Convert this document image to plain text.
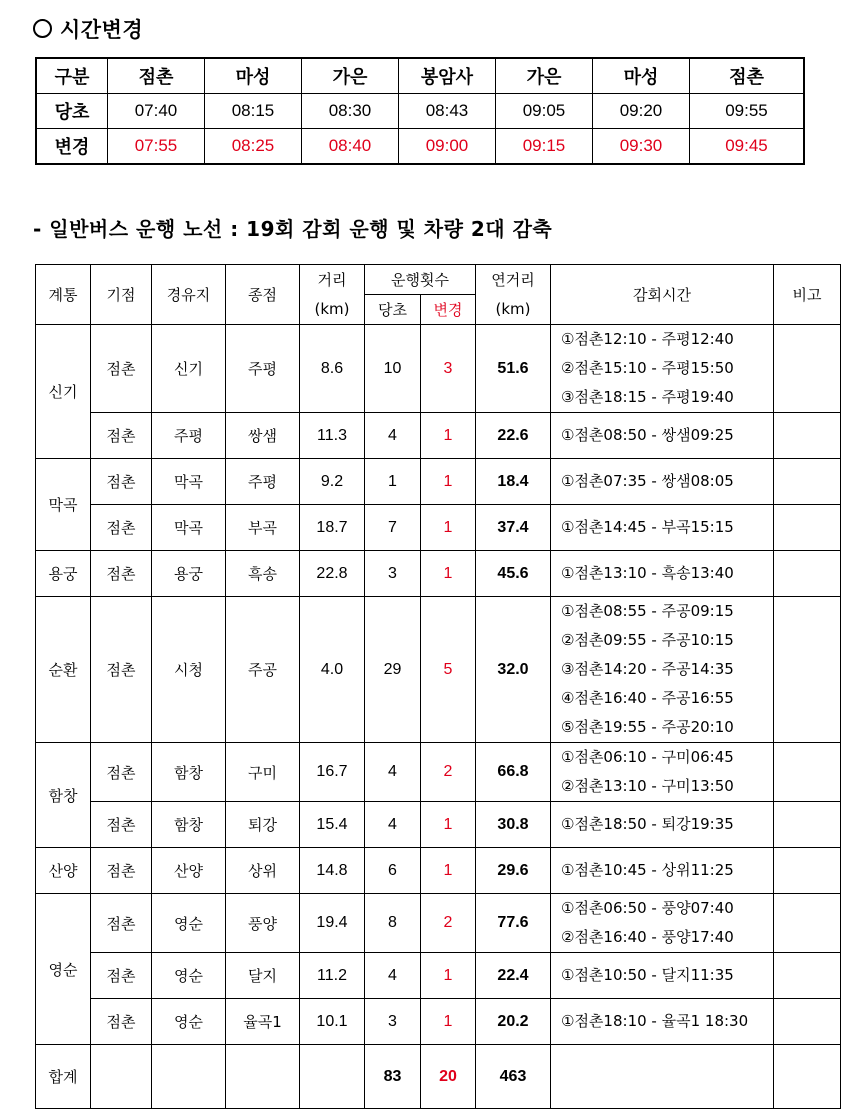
시간변경
구분	점촌	마성	가은	봉암사	가은	마성	점촌
당초	07:40	08:15	08:30	08:43	09:05	09:20	09:55
변경	07:55	08:25	08:40	09:00	09:15	09:30	09:45
- 일반버스 운행 노선 : 19회 감회 운행 및 차량 2대 감축
계통	기점	경유지	종점	거리	운행횟수		연거리	감회시간	비고
				(km)	당초	변경	(km)		
신기	점촌	신기	주평	8.6	10	3	51.6	①점촌12:10 - 주평12:40
②점촌15:10 - 주평15:50
③점촌18:15 - 주평19:40	

	점촌	주평	쌍샘	11.3	4	1	22.6	①점촌08:50 - 쌍샘09:25	

막곡	점촌	막곡	주평	9.2	1	1	18.4	①점촌07:35 - 쌍샘08:05	

	점촌	막곡	부곡	18.7	7	1	37.4	①점촌14:45 - 부곡15:15	

용궁	점촌	용궁	흑송	22.8	3	1	45.6	①점촌13:10 - 흑송13:40	

순환	점촌	시청	주공	4.0	29	5	32.0	①점촌08:55 - 주공09:15
②점촌09:55 - 주공10:15
③점촌14:20 - 주공14:35
④점촌16:40 - 주공16:55
⑤점촌19:55 - 주공20:10	

함창	점촌	함창	구미	16.7	4	2	66.8	①점촌06:10 - 구미06:45
②점촌13:10 - 구미13:50	

	점촌	함창	퇴강	15.4	4	1	30.8	①점촌18:50 - 퇴강19:35	

산양	점촌	산양	상위	14.8	6	1	29.6	①점촌10:45 - 상위11:25	

영순	점촌	영순	풍양	19.4	8	2	77.6	①점촌06:50 - 풍양07:40
②점촌16:40 - 풍양17:40	

	점촌	영순	달지	11.2	4	1	22.4	①점촌10:50 - 달지11:35	

	점촌	영순	율곡1	10.1	3	1	20.2	①점촌18:10 - 율곡1 18:30	

합계					83	20	463		
